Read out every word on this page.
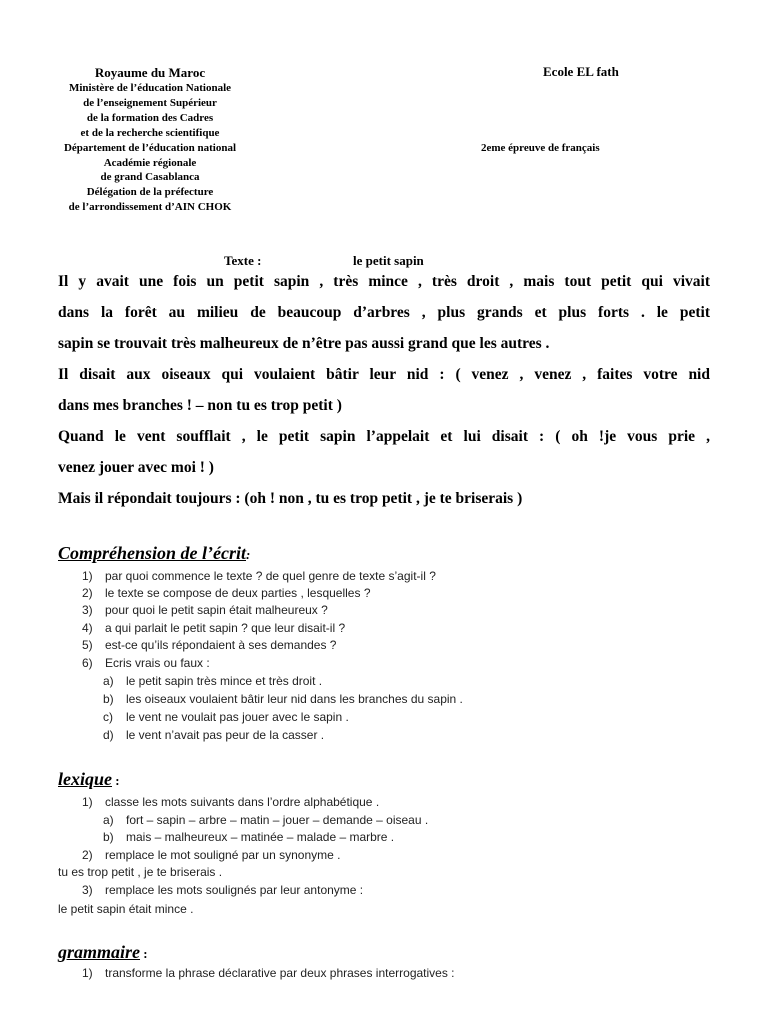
Royaume du Maroc
Ministère de l’éducation Nationale
de l’enseignement Supérieur
de la formation des Cadres
et de la recherche scientifique
Département de l’éducation national
Académie régionale
de grand Casablanca
Délégation de la préfecture
de l’arrondissement d’AIN CHOK
Ecole EL fath
2eme épreuve de français
Texte :	le petit sapin
Il y avait une fois un petit sapin , très mince , très droit , mais tout petit qui vivait
dans la forêt au milieu de beaucoup d’arbres , plus grands et plus forts . le petit
sapin se trouvait très malheureux de n’être pas aussi grand que les autres .
Il disait aux oiseaux qui voulaient bâtir leur nid : ( venez , venez , faites votre nid
dans mes branches ! – non tu es trop petit )
Quand le vent soufflait , le petit sapin l’appelait et lui disait : ( oh !je vous prie ,
venez jouer avec moi ! )
Mais il répondait toujours : (oh ! non , tu es trop petit , je te briserais )
Compréhension de l’écrit:
1) par quoi commence le texte ? de quel genre de texte s’agit-il ?
2) le texte se compose de deux parties , lesquelles ?
3) pour quoi le petit sapin était malheureux ?
4) a qui parlait le petit sapin ? que leur disait-il ?
5) est-ce qu’ils répondaient à ses demandes ?
6) Ecris vrais ou faux :
a) le petit sapin très mince et très droit .
b) les oiseaux voulaient bâtir leur nid dans les branches du sapin .
c) le vent ne voulait pas jouer avec le sapin .
d) le vent n’avait pas peur de la casser .
lexique :
1) classe les mots suivants dans l’ordre alphabétique .
a) fort – sapin – arbre – matin – jouer – demande – oiseau .
b) mais – malheureux – matinée – malade – marbre .
2) remplace le mot souligné par un synonyme .
tu es trop petit , je te briserais .
3) remplace les mots soulignés par leur antonyme :
le petit sapin était mince .
grammaire :
1) transforme la phrase déclarative par deux phrases interrogatives :
